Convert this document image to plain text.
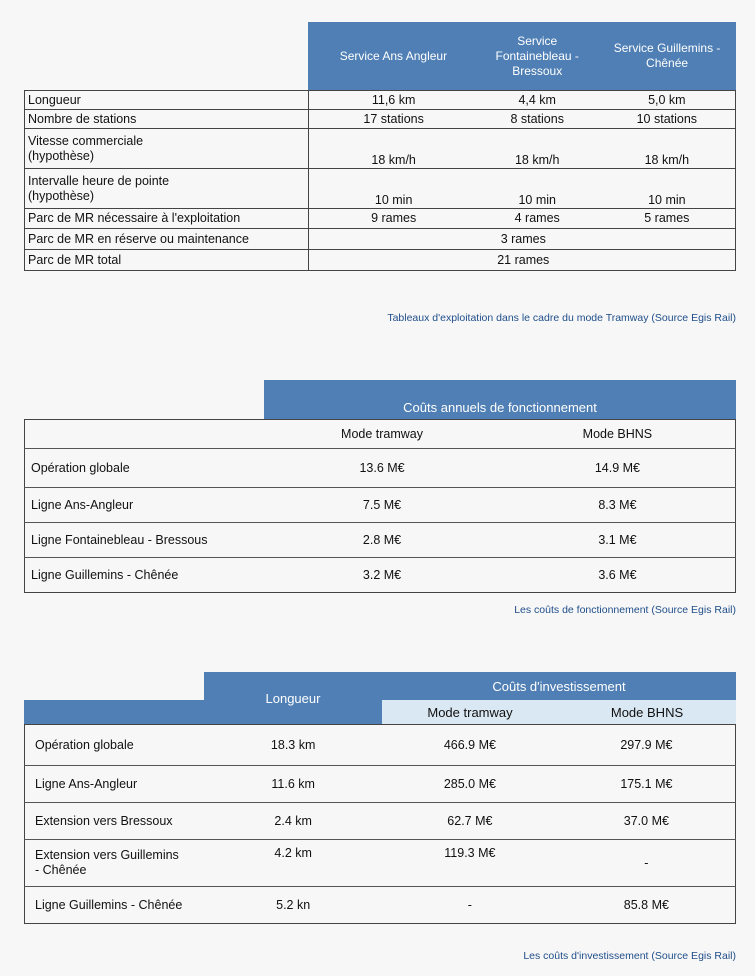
	Service Ans Angleur	Service Fontainebleau - Bressoux	Service Guillemins - Chênée
Longueur	11,6 km	4,4 km	5,0 km
Nombre de stations	17 stations	8 stations	10 stations

Vitesse commerciale
(hypothèse)	18 km/h	18 km/h	18 km/h

Intervalle heure de pointe
(hypothèse)	10 min	10 min	10 min
Parc de MR nécessaire à l'exploitation	9 rames	4 rames	5 rames
Parc de MR en réserve ou maintenance	3 rames		
Parc de MR total	21 rames		
Tableaux d'exploitation dans le cadre du mode Tramway (Source Egis Rail)
	Coûts annuels de fonctionnement
	Mode tramway	Mode BHNS
Opération globale	13.6 M€	14.9 M€
Ligne Ans-Angleur	7.5 M€	8.3 M€
Ligne Fontainebleau - Bressous	2.8 M€	3.1 M€
Ligne Guillemins - Chênée	3.2 M€	3.6 M€
Les coûts de fonctionnement (Source Egis Rail)
	Longueur	Coûts d'investissement	
		Mode tramway	Mode BHNS
Opération globale	18.3 km	466.9 M€	297.9 M€
Ligne Ans-Angleur	11.6 km	285.0 M€	175.1 M€
Extension vers Bressoux	2.4 km	62.7 M€	37.0 M€

Extension vers Guillemins
- Chênée	4.2 km	119.3 M€	-
Ligne Guillemins - Chênée	5.2 kn	-	85.8 M€
Les coûts d'investissement (Source Egis Rail)
